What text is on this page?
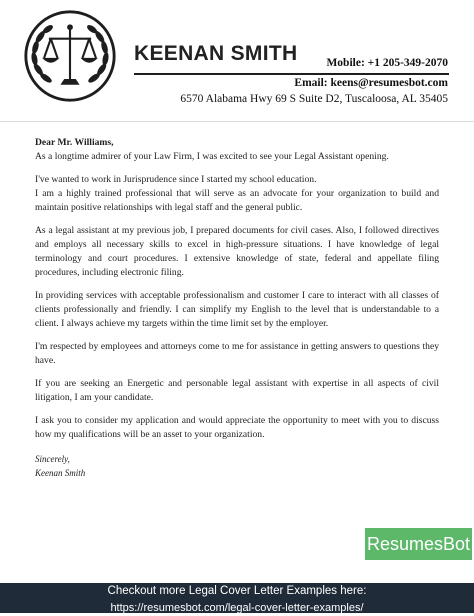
KEENAN SMITH	Mobile: +1 205-349-2070
Email: keens@resumesbot.com
6570 Alabama Hwy 69 S Suite D2, Tuscaloosa, AL 35405
Dear Mr. Williams,

As a longtime admirer of your Law Firm, I was excited to see your Legal Assistant opening.

I've wanted to work in Jurisprudence since I started my school education.

I am a highly trained professional that will serve as an advocate for your organization to build and maintain positive relationships with legal staff and the general public.

As a legal assistant at my previous job, I prepared documents for civil cases. Also, I followed directives and employs all necessary skills to excel in high-pressure situations. I have knowledge of legal terminology and court procedures. I extensive knowledge of state, federal and appellate filing procedures, including electronic filing.

In providing services with acceptable professionalism and customer I care to interact with all classes of clients professionally and friendly. I can simplify my English to the level that is understandable to a client. I always achieve my targets within the time limit set by the employer.

I'm respected by employees and attorneys come to me for assistance in getting answers to questions they have.

If you are seeking an Energetic and personable legal assistant with expertise in all aspects of civil litigation, I am your candidate.

I ask you to consider my application and would appreciate the opportunity to meet with you to discuss how my qualifications will be an asset to your organization.

Sincerely,
Keenan Smith
ResumesBot
Checkout more Legal Cover Letter Examples here:
https://resumesbot.com/legal-cover-letter-examples/
